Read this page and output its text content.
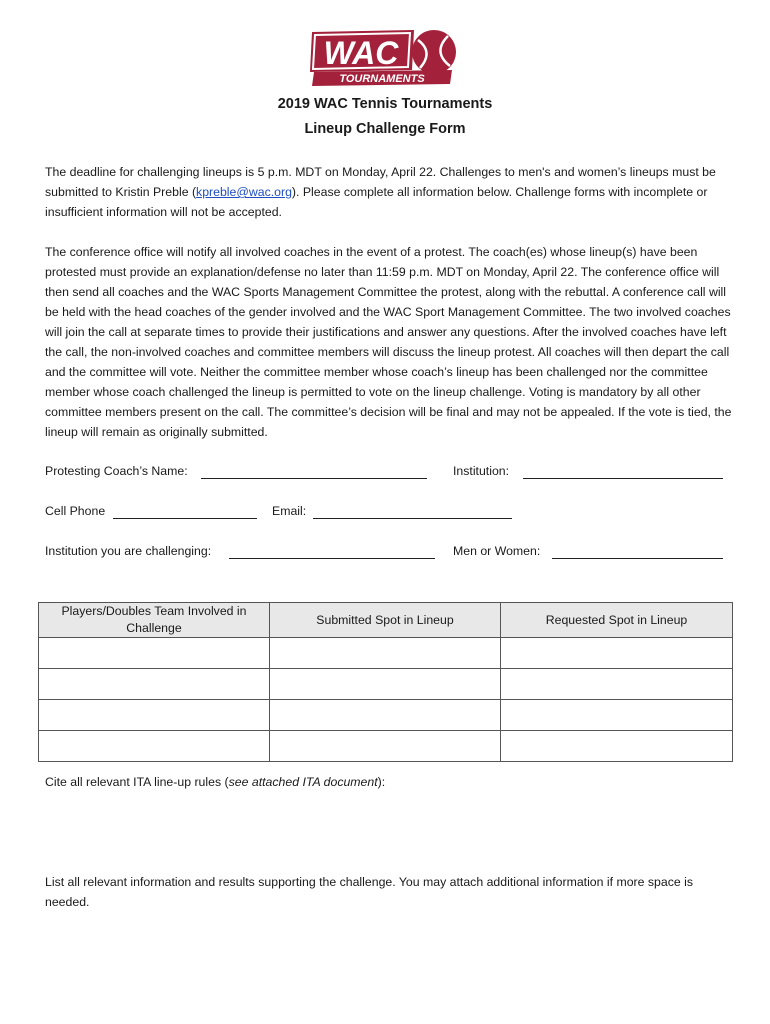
WAC
TOURNAMENTS
2019 WAC Tennis Tournaments
Lineup Challenge Form
The deadline for challenging lineups is 5 p.m. MDT on Monday, April 22. Challenges to men's and women’s lineups must be submitted to Kristin Preble (kpreble@wac.org). Please complete all information below. Challenge forms with incomplete or insufficient information will not be accepted.
The conference office will notify all involved coaches in the event of a protest. The coach(es) whose lineup(s) have been protested must provide an explanation/defense no later than 11:59 p.m. MDT on Monday, April 22. The conference office will then send all coaches and the WAC Sports Management Committee the protest, along with the rebuttal. A conference call will be held with the head coaches of the gender involved and the WAC Sport Management Committee. The two involved coaches will join the call at separate times to provide their justifications and answer any questions. After the involved coaches have left the call, the non-involved coaches and committee members will discuss the lineup protest. All coaches will then depart the call and the committee will vote. Neither the committee member whose coach’s lineup has been challenged nor the committee member whose coach challenged the lineup is permitted to vote on the lineup challenge. Voting is mandatory by all other committee members present on the call. The committee’s decision will be final and may not be appealed. If the vote is tied, the lineup will remain as originally submitted.
Protesting Coach’s Name:	Institution:
Cell Phone	Email:
Institution you are challenging:	Men or Women:
Players/Doubles Team Involved in Challenge	Submitted Spot in Lineup	Requested Spot in Lineup

Cite all relevant ITA line-up rules (see attached ITA document):
List all relevant information and results supporting the challenge. You may attach additional information if more space is needed.
